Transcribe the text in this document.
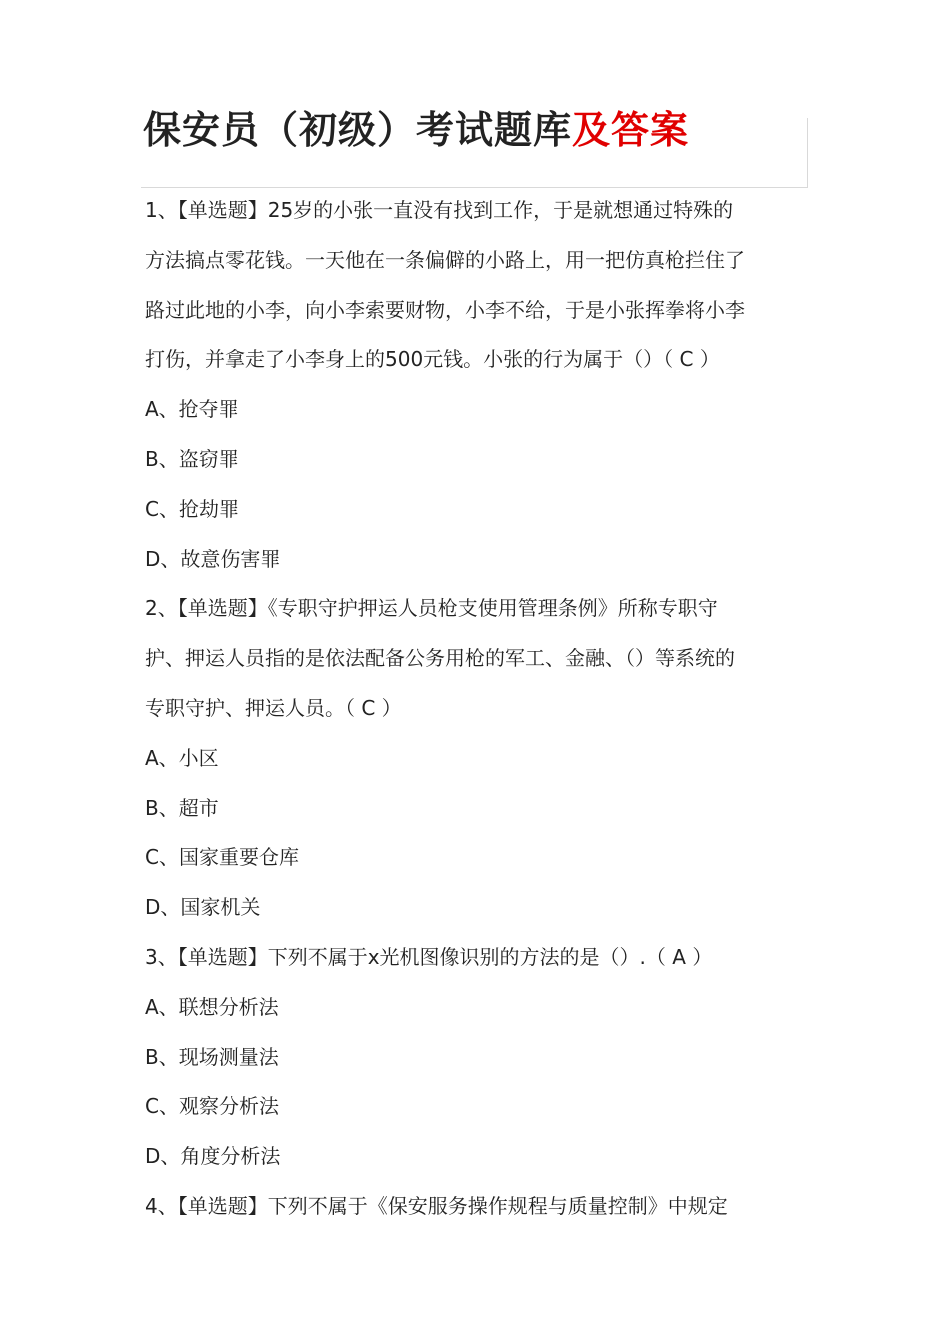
保安员（初级）考试题库及答案
1、【单选题】25岁的小张一直没有找到工作，于是就想通过特殊的
方法搞点零花钱。一天他在一条偏僻的小路上，用一把仿真枪拦住了
路过此地的小李，向小李索要财物，小李不给，于是小张挥拳将小李
打伤，并拿走了小李身上的500元钱。小张的行为属于（）（ C ）
A、抢夺罪
B、盗窃罪
C、抢劫罪
D、故意伤害罪
2、【单选题】《专职守护押运人员枪支使用管理条例》所称专职守
护、押运人员指的是依法配备公务用枪的军工、金融、（）等系统的
专职守护、押运人员。（ C ）
A、小区
B、超市
C、国家重要仓库
D、国家机关
3、【单选题】下列不属于x光机图像识别的方法的是（）.（ A ）
A、联想分析法
B、现场测量法
C、观察分析法
D、角度分析法
4、【单选题】下列不属于《保安服务操作规程与质量控制》中规定
